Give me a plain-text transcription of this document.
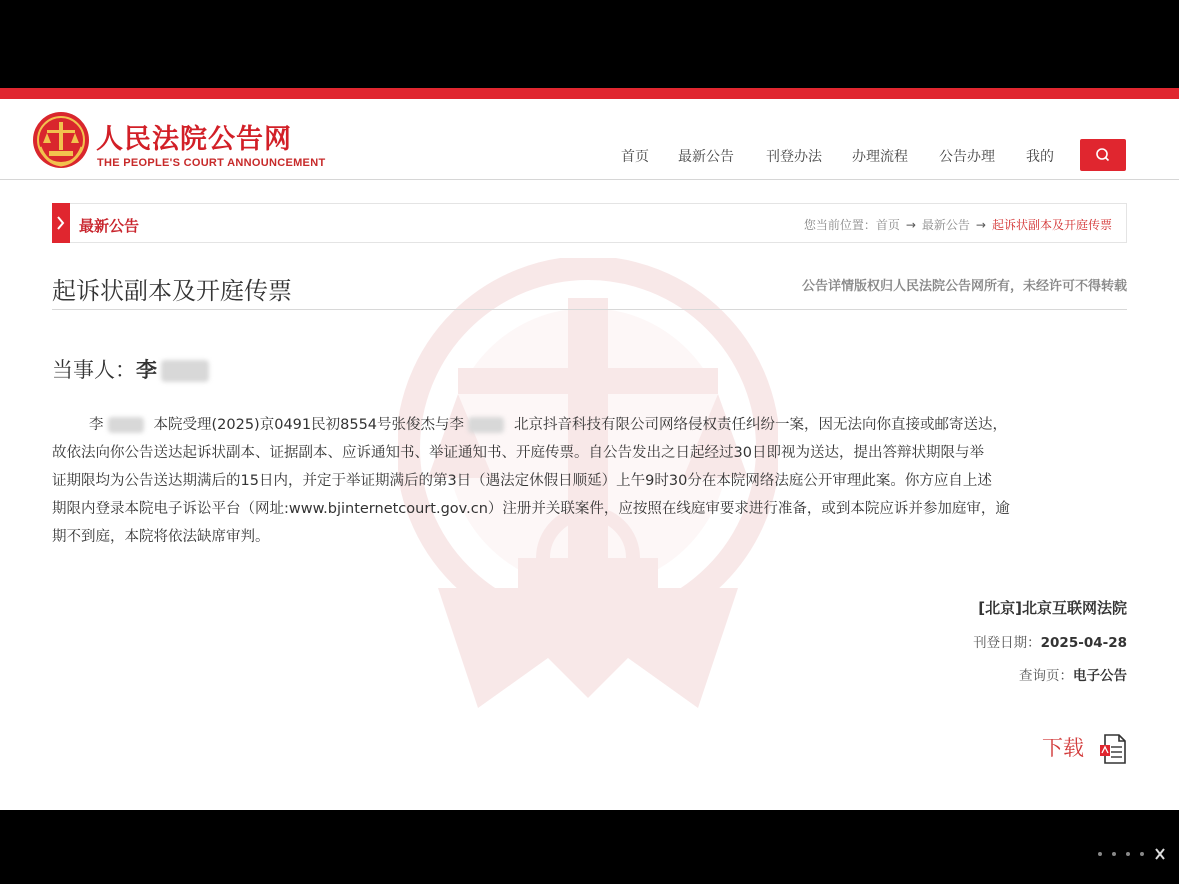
人民法院公告网
THE PEOPLE'S COURT ANNOUNCEMENT	首页 最新公告 刊登办法 办理流程 公告办理 我的
最新公告	您当前位置：首页 → 最新公告 → 起诉状副本及开庭传票
起诉状副本及开庭传票	公告详情版权归人民法院公告网所有，未经许可不得转载
当事人：李

李	本院受理(2025)京0491民初8554号张俊杰与李	北京抖音科技有限公司网络侵权责任纠纷一案，因无法向你直接或邮寄送达，

故依法向你公告送达起诉状副本、证据副本、应诉通知书、举证通知书、开庭传票。自公告发出之日起经过30日即视为送达，提出答辩状期限与举

证期限均为公告送达期满后的15日内，并定于举证期满后的第3日（遇法定休假日顺延）上午9时30分在本院网络法庭公开审理此案。你方应自上述

期限内登录本院电子诉讼平台（网址:www.bjinternetcourt.gov.cn）注册并关联案件，应按照在线庭审要求进行准备，或到本院应诉并参加庭审，逾

期不到庭，本院将依法缺席审判。

[北京]北京互联网法院
刊登日期：2025-04-28
查询页：电子公告
下载
